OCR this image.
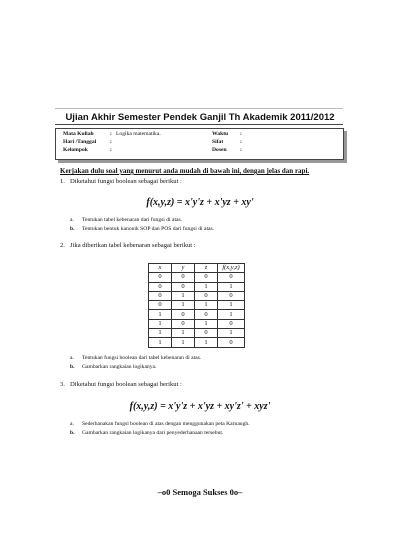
Ujian Akhir Semester Pendek Ganjil Th Akademik 2011/2012
Mata Kuliah	: Logika matematika.
Hari /Tanggal :
Kelompok	:
Waktu :
Sifat	:
Dosen :
Kerjakan dulu soal yang menurut anda mudah di bawah ini, dengan jelas dan rapi.
1. Diketahui fungsi boolean sebagai berikut :
f(x,y,z) = x'y'z + x'yz + xy'
a. Tentukan tabel kebenaran dari fungsi di atas.
b. Tentukan bentuk kanonik SOP dan POS dari fungsi di atas.
2. Jika diberikan tabel kebenaran sebagai berikut :
x	y	z	f(x,y,z)
0	0	0	0
0	0	1	1
0	1	0	0
0	1	1	1
1	0	0	1
1	0	1	0
1	1	0	1
1	1	1	0
a. Tentukan fungsi boolean dari tabel kebenaran di atas.
b. Gambarkan rangkaian logikanya.
3. Diketahui fungsi boolean sebagai berikut :
f(x,y,z) = x'y'z + x'yz + xy'z' + xyz'
a. Sederhanakan fungsi boolean di atas dengan menggunakan peta Karnaugh.
b. Gambarkan rangkaian logikanya dari penyederhanaan tersebut.
–o0 Semoga Sukses 0o–
